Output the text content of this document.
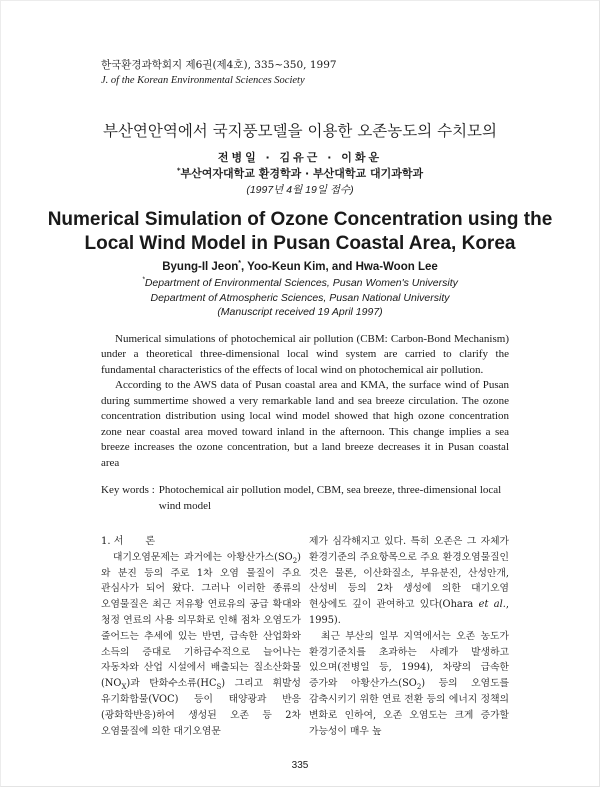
한국환경과학회지 제6권(제4호), 335~350, 1997
J. of the Korean Environmental Sciences Society
부산연안역에서 국지풍모델을 이용한 오존농도의 수치모의
전병일 · 김유근 · 이화운
*부산여자대학교 환경학과 · 부산대학교 대기과학과
(1997년 4월 19일 접수)
Numerical Simulation of Ozone Concentration using the
Local Wind Model in Pusan Coastal Area, Korea
Byung-Il Jeon*, Yoo-Keun Kim, and Hwa-Woon Lee
*Department of Environmental Sciences, Pusan Women's University
Department of Atmospheric Sciences, Pusan National University
(Manuscript received 19 April 1997)

Numerical simulations of photochemical air pollution (CBM: Carbon-Bond Mechanism) under a theoretical three-dimensional local wind system are carried to clarify the fundamental characteristics of the effects of local wind on photochemical air pollution.

According to the AWS data of Pusan coastal area and KMA, the surface wind of Pusan during summertime showed a very remarkable land and sea breeze circulation. The ozone concentration distribution using local wind model showed that high ozone concentration zone near coastal area moved toward inland in the afternoon. This change implies a sea breeze increases the ozone concentration, but a land breeze decreases it in Pusan coastal area

Key words : Photochemical air pollution model, CBM, sea breeze, three-dimensional local wind model
1. 서 론

대기오염문제는 과거에는 아황산가스$(SO_2)$와 분진 등의 주로 1차 오염 물질이 주요 관심사가 되어 왔다. 그러나 이러한 종류의 오염물질은 최근 저유황 연료유의 공급 확대와 청정 연료의 사용 의무화로 인해 점차 오염도가 줄어드는 추세에 있는 반면, 급속한 산업화와 소득의 증대로 기하급수적으로 늘어나는 자동차와 산업 시설에서 배출되는 질소산화물$(NO_X)$과 탄화수소류$(HC_S)$ 그리고 휘발성 유기화합물(VOC) 등이 태양광과 반응(광화학반응)하여 생성된 오존 등 2차 오염물질에 의한 대기오염문

제가 심각해지고 있다. 특히 오존은 그 자체가 환경기준의 주요항목으로 주요 환경오염물질인 것은 물론, 이산화질소, 부유분진, 산성안개, 산성비 등의 2차 생성에 의한 대기오염 현상에도 깊이 관여하고 있다(Ohara et al., 1995).

최근 부산의 일부 지역에서는 오존 농도가 환경기준치를 초과하는 사례가 발생하고 있으며(전병일 등, 1994), 차량의 급속한 증가와 아황산가스$(SO_2)$ 등의 오염도를 감축시키기 위한 연료 전환 등의 에너지 정책의 변화로 인하여, 오존 오염도는 크게 증가할 가능성이 매우 높

335
